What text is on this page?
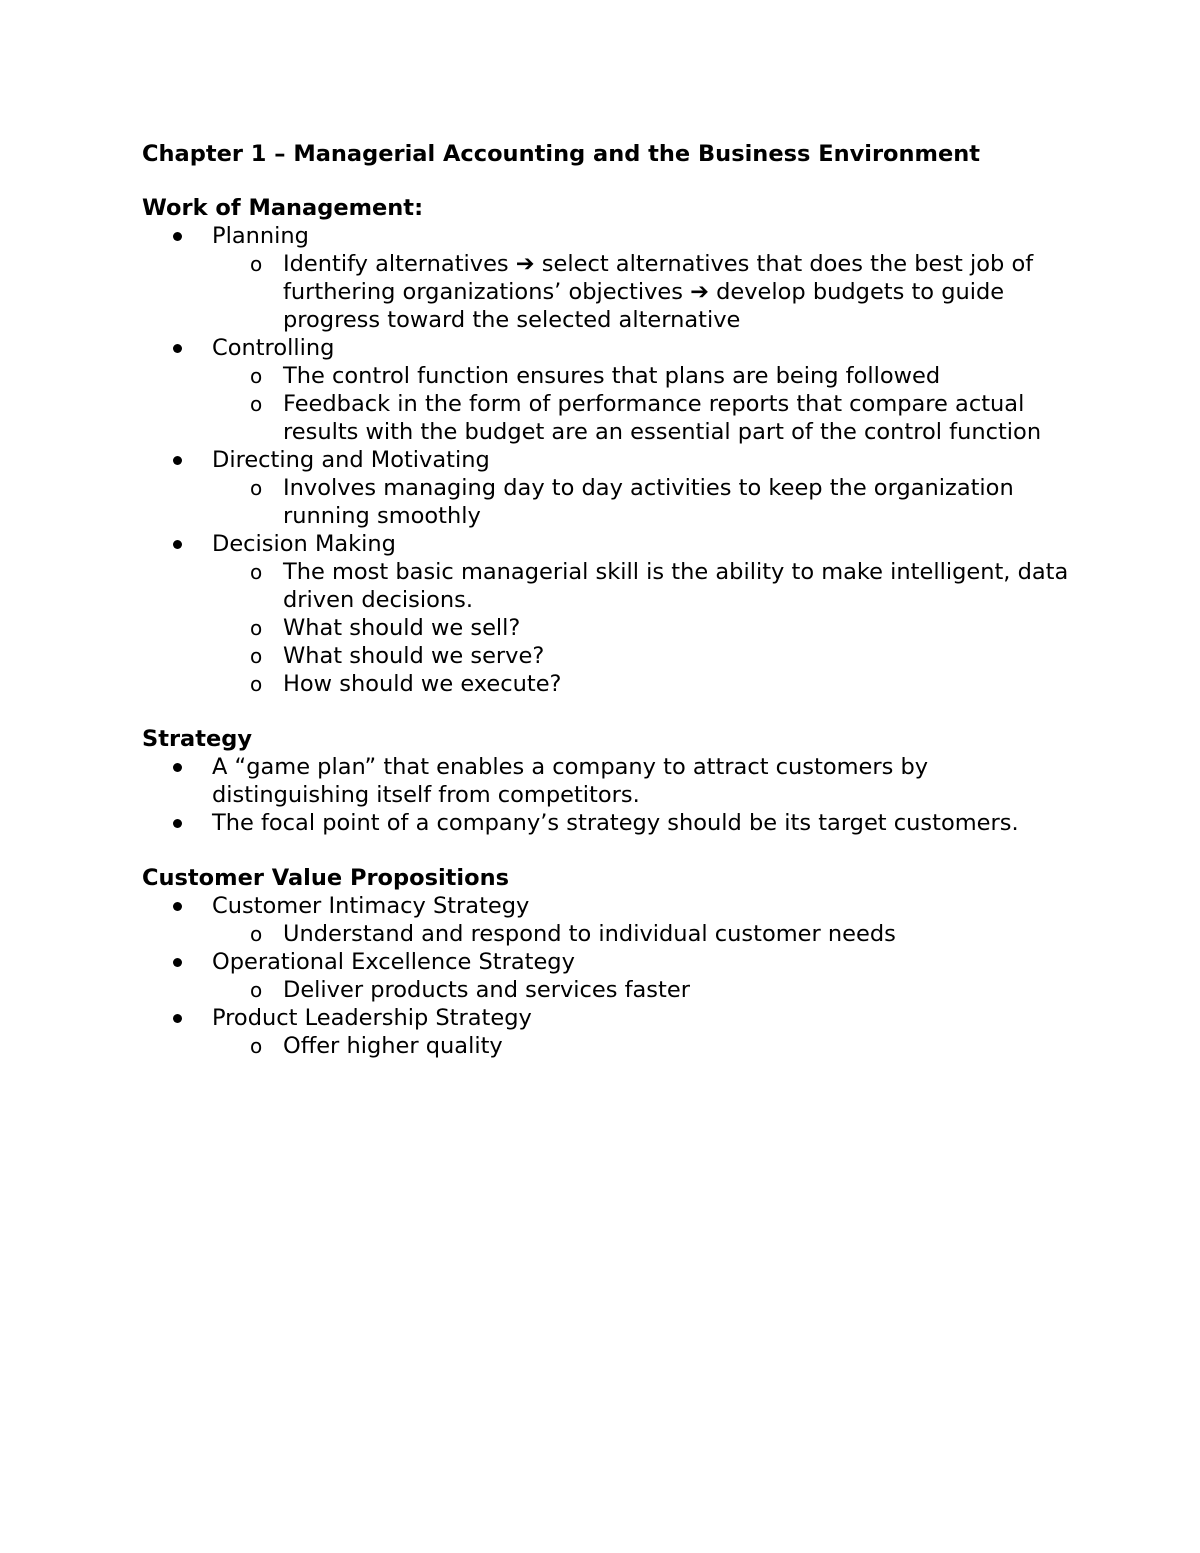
Chapter 1 – Managerial Accounting and the Business Environment
Work of Management:
Planning
o Identify alternatives ➔ select alternatives that does the best job of furthering organizations’ objectives ➔ develop budgets to guide progress toward the selected alternative
Controlling
o The control function ensures that plans are being followed
o Feedback in the form of performance reports that compare actual results with the budget are an essential part of the control function
Directing and Motivating
o Involves managing day to day activities to keep the organization running smoothly
Decision Making
o The most basic managerial skill is the ability to make intelligent, data driven decisions.
o What should we sell?
o What should we serve?
o How should we execute?
Strategy
A “game plan” that enables a company to attract customers by distinguishing itself from competitors.
The focal point of a company’s strategy should be its target customers.
Customer Value Propositions
Customer Intimacy Strategy
o Understand and respond to individual customer needs
Operational Excellence Strategy
o Deliver products and services faster
Product Leadership Strategy
o Offer higher quality
